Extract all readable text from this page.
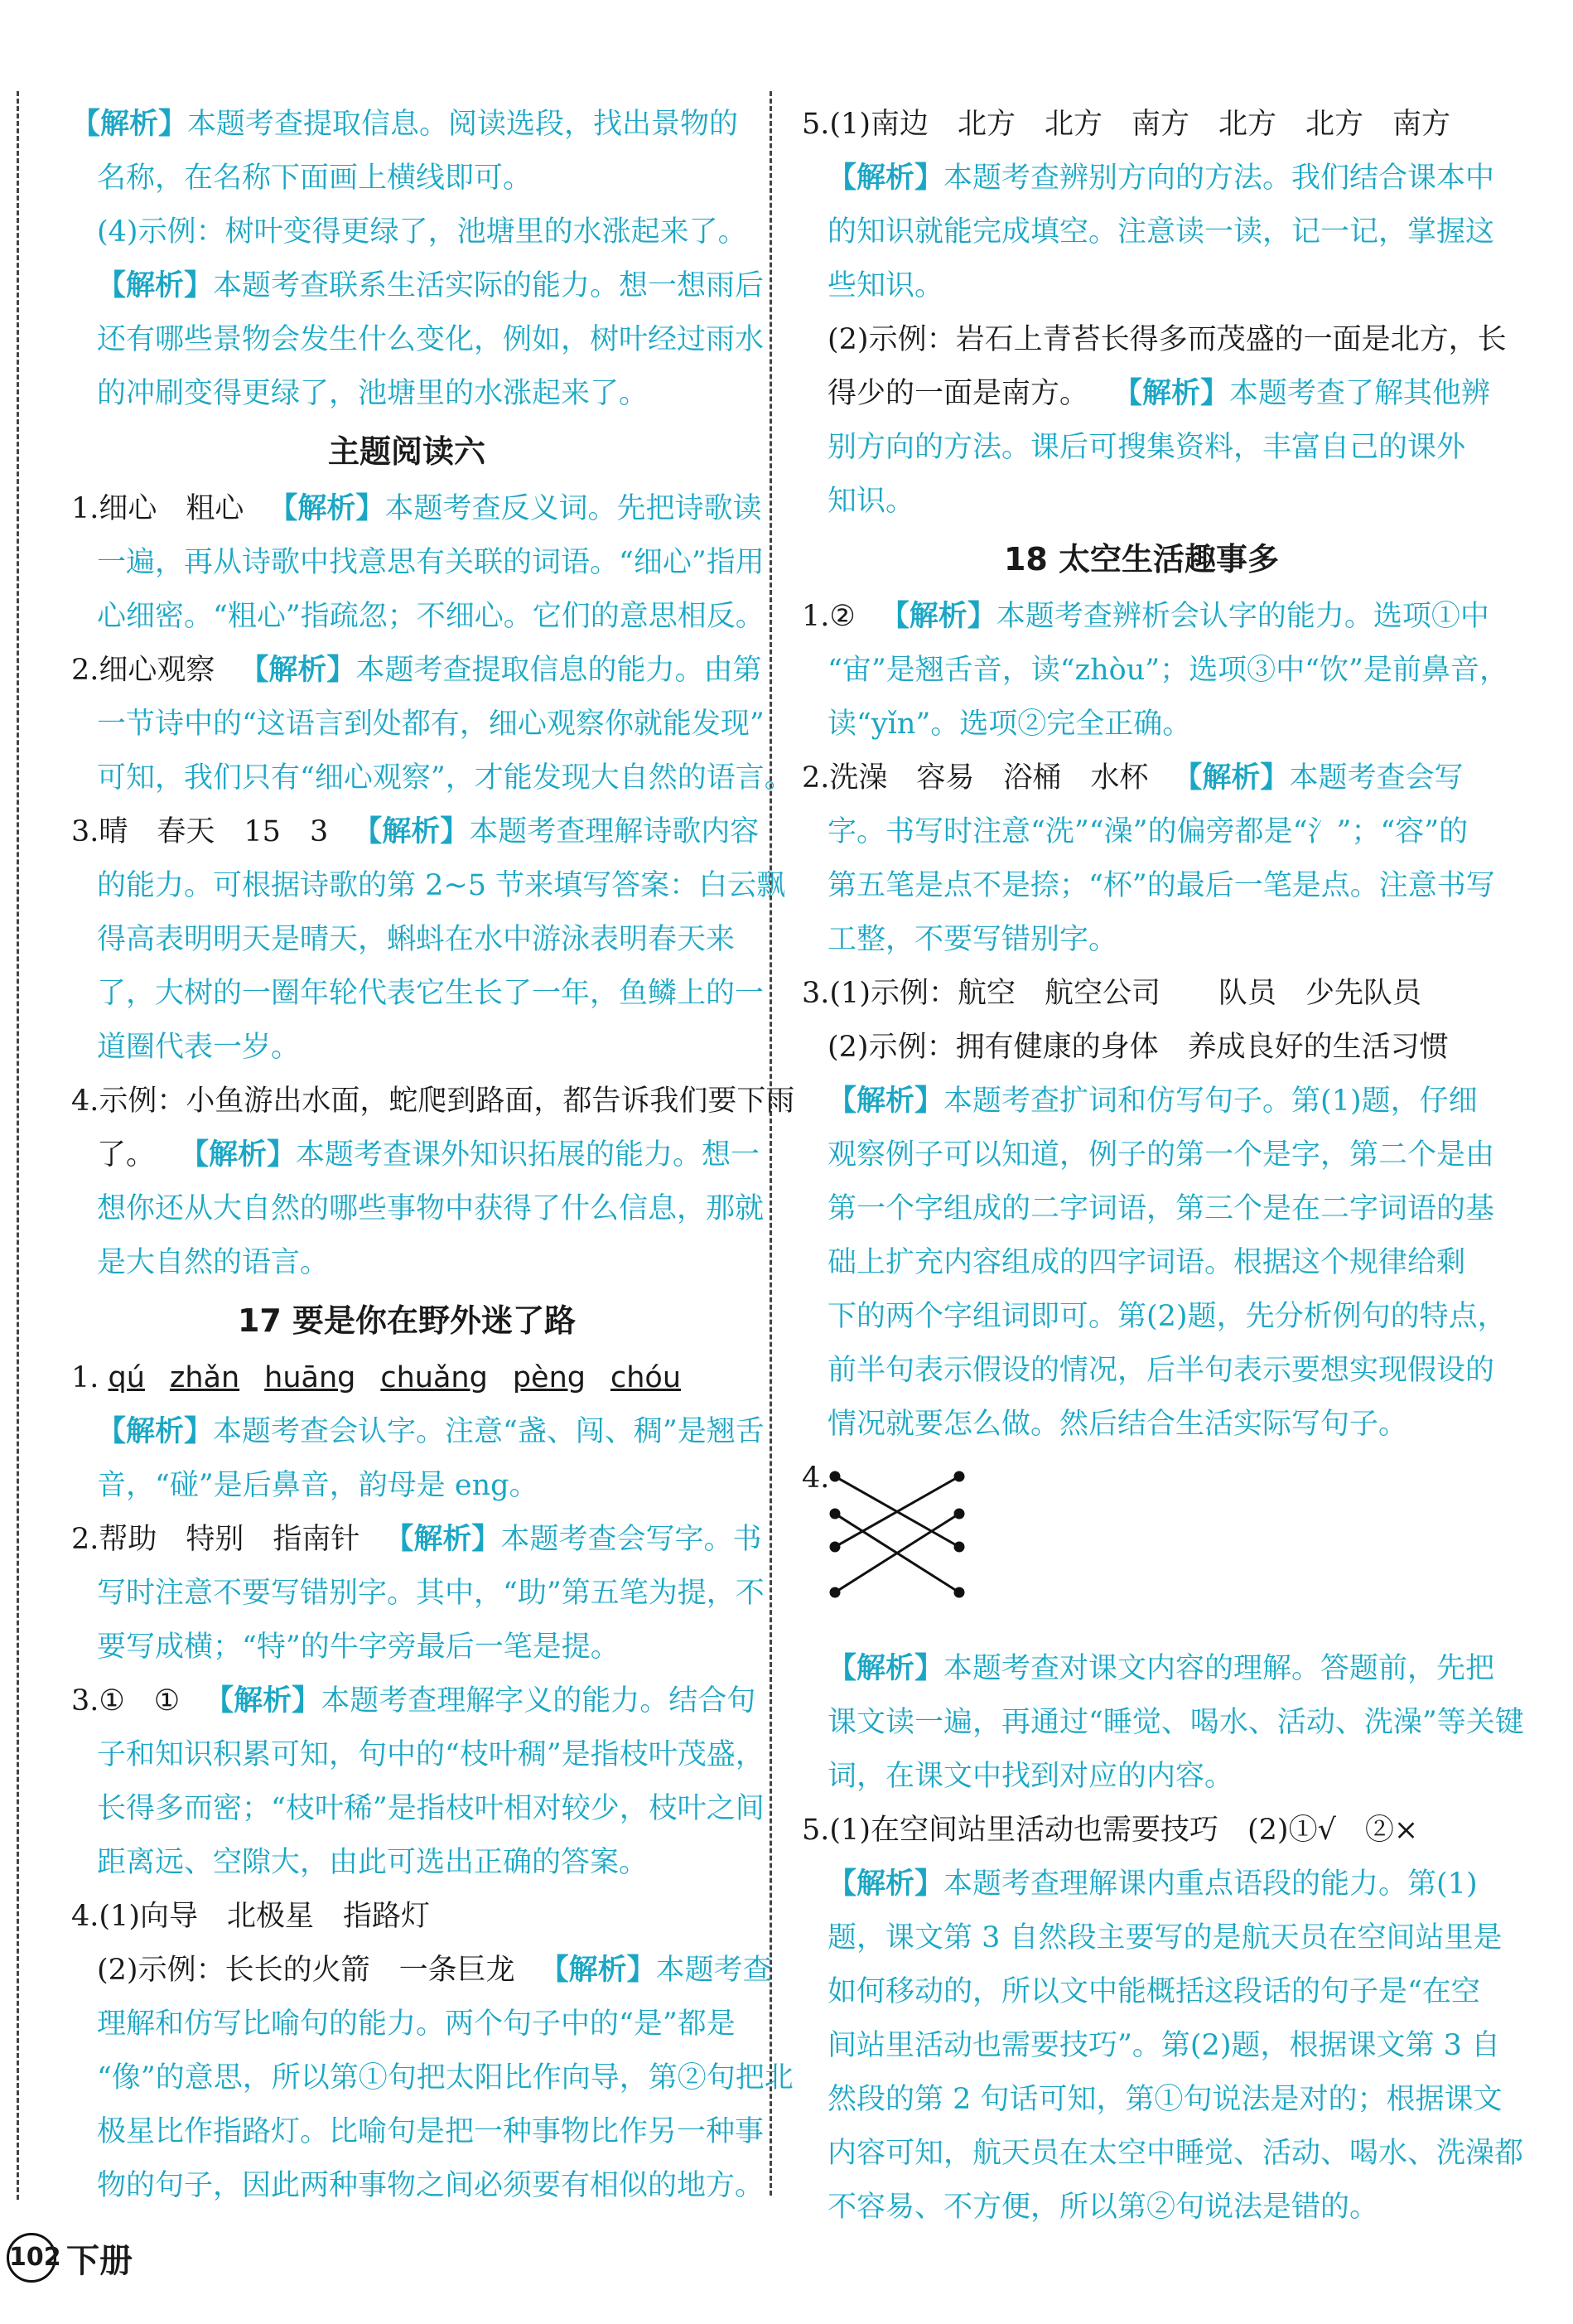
【解析】本题考查提取信息。阅读选段，找出景物的
名称，在名称下面画上横线即可。
(4)示例：树叶变得更绿了，池塘里的水涨起来了。
【解析】本题考查联系生活实际的能力。想一想雨后
还有哪些景物会发生什么变化，例如，树叶经过雨水
的冲刷变得更绿了，池塘里的水涨起来了。
主题阅读六
1.细心　粗心 【解析】本题考查反义词。先把诗歌读
一遍，再从诗歌中找意思有关联的词语。“细心”指用
心细密。“粗心”指疏忽；不细心。它们的意思相反。
2.细心观察 【解析】本题考查提取信息的能力。由第
一节诗中的“这语言到处都有，细心观察你就能发现”
可知，我们只有“细心观察”，才能发现大自然的语言。
3.晴　春天　15　3 【解析】本题考查理解诗歌内容
的能力。可根据诗歌的第 2~5 节来填写答案：白云飘
得高表明明天是晴天，蝌蚪在水中游泳表明春天来
了，大树的一圈年轮代表它生长了一年，鱼鳞上的一
道圈代表一岁。
4.示例：小鱼游出水面，蛇爬到路面，都告诉我们要下雨
了。 【解析】本题考查课外知识拓展的能力。想一
想你还从大自然的哪些事物中获得了什么信息，那就
是大自然的语言。
17 要是你在野外迷了路
1. qú zhǎn huāng chuǎng pèng chóu
【解析】本题考查会认字。注意“盏、闯、稠”是翘舌
音，“碰”是后鼻音，韵母是 eng。
2.帮助　特别　指南针 【解析】本题考查会写字。书
写时注意不要写错别字。其中，“助”第五笔为提，不
要写成横；“特”的牛字旁最后一笔是提。
3.①　① 【解析】本题考查理解字义的能力。结合句
子和知识积累可知，句中的“枝叶稠”是指枝叶茂盛，
长得多而密；“枝叶稀”是指枝叶相对较少，枝叶之间
距离远、空隙大，由此可选出正确的答案。
4.(1)向导　北极星　指路灯
(2)示例：长长的火箭　一条巨龙 【解析】本题考查
理解和仿写比喻句的能力。两个句子中的“是”都是
“像”的意思，所以第①句把太阳比作向导，第②句把北
极星比作指路灯。比喻句是把一种事物比作另一种事
物的句子，因此两种事物之间必须要有相似的地方。
5.(1)南边　北方　北方　南方　北方　北方　南方
【解析】本题考查辨别方向的方法。我们结合课本中
的知识就能完成填空。注意读一读，记一记，掌握这
些知识。
(2)示例：岩石上青苔长得多而茂盛的一面是北方，长
得少的一面是南方。 【解析】本题考查了解其他辨
别方向的方法。课后可搜集资料，丰富自己的课外
知识。
18 太空生活趣事多
1.② 【解析】本题考查辨析会认字的能力。选项①中
“宙”是翘舌音，读“zhòu”；选项③中“饮”是前鼻音，
读“yǐn”。选项②完全正确。
2.洗澡　容易　浴桶　水杯 【解析】本题考查会写
字。书写时注意“洗”“澡”的偏旁都是“氵”；“容”的
第五笔是点不是捺；“杯”的最后一笔是点。注意书写
工整，不要写错别字。
3.(1)示例：航空　航空公司　　队员　少先队员
(2)示例：拥有健康的身体　养成良好的生活习惯
【解析】本题考查扩词和仿写句子。第(1)题，仔细
观察例子可以知道，例子的第一个是字，第二个是由
第一个字组成的二字词语，第三个是在二字词语的基
础上扩充内容组成的四字词语。根据这个规律给剩
下的两个字组词即可。第(2)题，先分析例句的特点，
前半句表示假设的情况，后半句表示要想实现假设的
情况就要怎么做。然后结合生活实际写句子。
4.
【解析】本题考查对课文内容的理解。答题前，先把
课文读一遍，再通过“睡觉、喝水、活动、洗澡”等关键
词，在课文中找到对应的内容。
5.(1)在空间站里活动也需要技巧　(2)①√　②×
【解析】本题考查理解课内重点语段的能力。第(1)
题，课文第 3 自然段主要写的是航天员在空间站里是
如何移动的，所以文中能概括这段话的句子是“在空
间站里活动也需要技巧”。第(2)题，根据课文第 3 自
然段的第 2 句话可知，第①句说法是对的；根据课文
内容可知，航天员在太空中睡觉、活动、喝水、洗澡都
不容易、不方便，所以第②句说法是错的。
102 下册
